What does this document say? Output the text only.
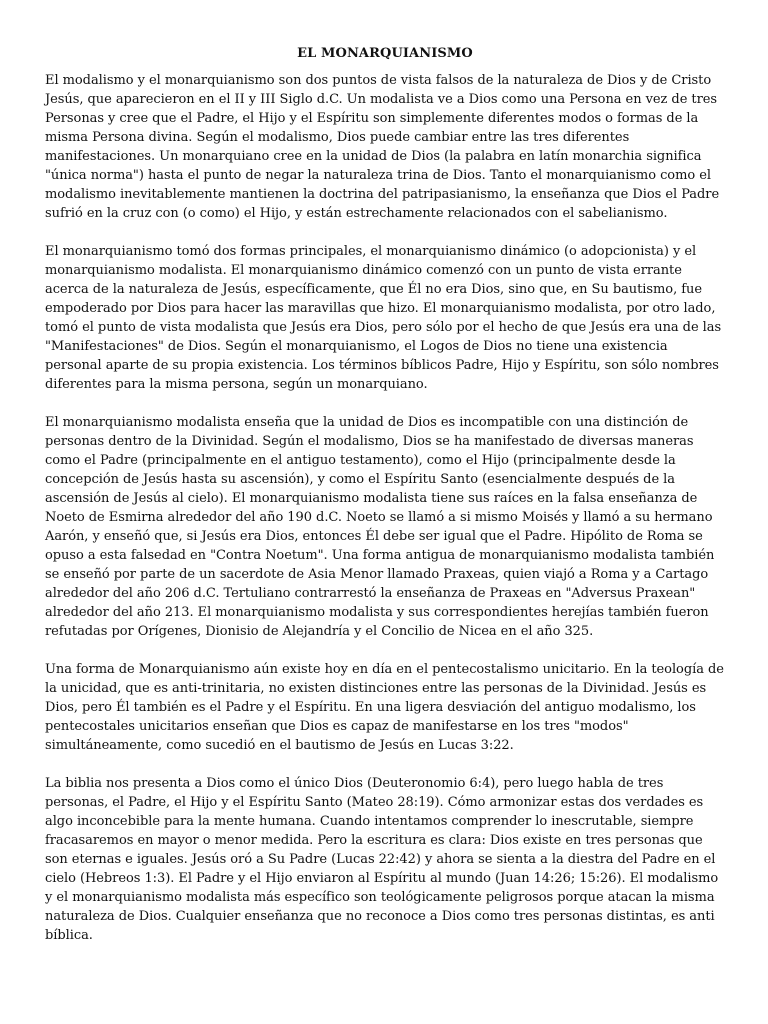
EL MONARQUIANISMO

El modalismo y el monarquianismo son dos puntos de vista falsos de la naturaleza de Dios y de Cristo Jesús, que aparecieron en el II y III Siglo d.C. Un modalista ve a Dios como una Persona en vez de tres Personas y cree que el Padre, el Hijo y el Espíritu son simplemente diferentes modos o formas de la misma Persona divina. Según el modalismo, Dios puede cambiar entre las tres diferentes manifestaciones. Un monarquiano cree en la unidad de Dios (la palabra en latín monarchia significa "única norma") hasta el punto de negar la naturaleza trina de Dios. Tanto el monarquianismo como el modalismo inevitablemente mantienen la doctrina del patripasianismo, la enseñanza que Dios el Padre sufrió en la cruz con (o como) el Hijo, y están estrechamente relacionados con el sabelianismo.

El monarquianismo tomó dos formas principales, el monarquianismo dinámico (o adopcionista) y el monarquianismo modalista. El monarquianismo dinámico comenzó con un punto de vista errante acerca de la naturaleza de Jesús, específicamente, que Él no era Dios, sino que, en Su bautismo, fue empoderado por Dios para hacer las maravillas que hizo. El monarquianismo modalista, por otro lado, tomó el punto de vista modalista que Jesús era Dios, pero sólo por el hecho de que Jesús era una de las "Manifestaciones" de Dios. Según el monarquianismo, el Logos de Dios no tiene una existencia personal aparte de su propia existencia. Los términos bíblicos Padre, Hijo y Espíritu, son sólo nombres diferentes para la misma persona, según un monarquiano.

El monarquianismo modalista enseña que la unidad de Dios es incompatible con una distinción de personas dentro de la Divinidad. Según el modalismo, Dios se ha manifestado de diversas maneras como el Padre (principalmente en el antiguo testamento), como el Hijo (principalmente desde la concepción de Jesús hasta su ascensión), y como el Espíritu Santo (esencialmente después de la ascensión de Jesús al cielo). El monarquianismo modalista tiene sus raíces en la falsa enseñanza de Noeto de Esmirna alrededor del año 190 d.C. Noeto se llamó a si mismo Moisés y llamó a su hermano Aarón, y enseñó que, si Jesús era Dios, entonces Él debe ser igual que el Padre. Hipólito de Roma se opuso a esta falsedad en "Contra Noetum". Una forma antigua de monarquianismo modalista también se enseñó por parte de un sacerdote de Asia Menor llamado Praxeas, quien viajó a Roma y a Cartago alrededor del año 206 d.C. Tertuliano contrarrestó la enseñanza de Praxeas en "Adversus Praxean" alrededor del año 213. El monarquianismo modalista y sus correspondientes herejías también fueron refutadas por Orígenes, Dionisio de Alejandría y el Concilio de Nicea en el año 325.

Una forma de Monarquianismo aún existe hoy en día en el pentecostalismo unicitario. En la teología de la unicidad, que es anti-trinitaria, no existen distinciones entre las personas de la Divinidad. Jesús es Dios, pero Él también es el Padre y el Espíritu. En una ligera desviación del antiguo modalismo, los pentecostales unicitarios enseñan que Dios es capaz de manifestarse en los tres "modos" simultáneamente, como sucedió en el bautismo de Jesús en Lucas 3:22.

La biblia nos presenta a Dios como el único Dios (Deuteronomio 6:4), pero luego habla de tres personas, el Padre, el Hijo y el Espíritu Santo (Mateo 28:19). Cómo armonizar estas dos verdades es algo inconcebible para la mente humana. Cuando intentamos comprender lo inescrutable, siempre fracasaremos en mayor o menor medida. Pero la escritura es clara: Dios existe en tres personas que son eternas e iguales. Jesús oró a Su Padre (Lucas 22:42) y ahora se sienta a la diestra del Padre en el cielo (Hebreos 1:3). El Padre y el Hijo enviaron al Espíritu al mundo (Juan 14:26; 15:26). El modalismo y el monarquianismo modalista más específico son teológicamente peligrosos porque atacan la misma naturaleza de Dios. Cualquier enseñanza que no reconoce a Dios como tres personas distintas, es anti bíblica.
